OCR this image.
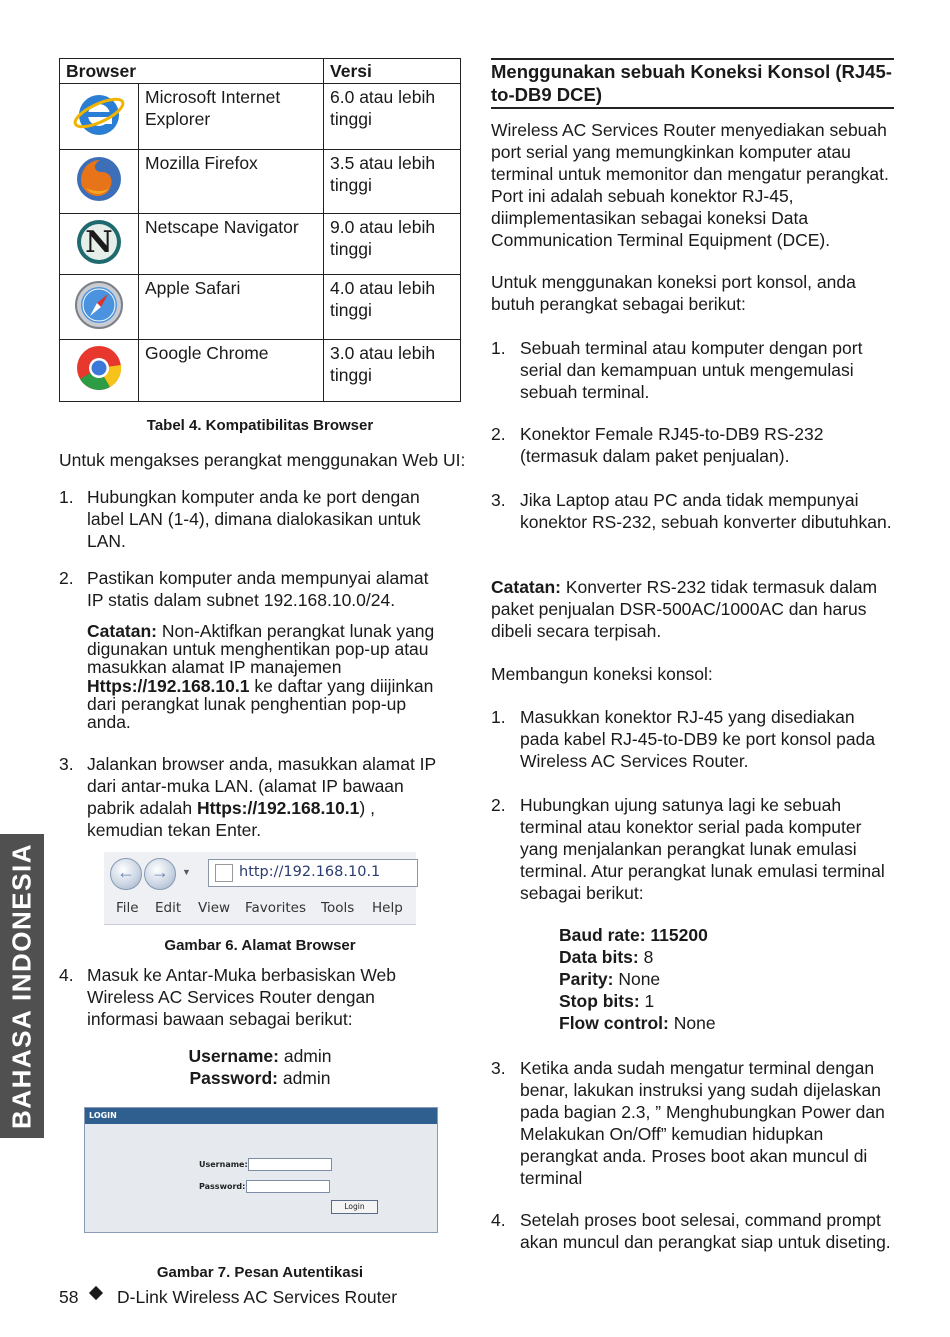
Browser		Versi
	Microsoft Internet Explorer	6.0 atau lebih tinggi
	Mozilla Firefox	3.5 atau lebih tinggi

N	Netscape Navigator	9.0 atau lebih tinggi
	Apple Safari	4.0 atau lebih tinggi
	Google Chrome	3.0 atau lebih tinggi
Tabel 4. Kompatibilitas Browser
Untuk mengakses perangkat menggunakan Web UI:
1. Hubungkan komputer anda ke port dengan label LAN (1-4), dimana dialokasikan untuk LAN.
2. Pastikan komputer anda mempunyai alamat IP statis dalam subnet 192.168.10.0/24.
Catatan: Non-Aktifkan perangkat lunak yang digunakan untuk menghentikan pop-up atau masukkan alamat IP manajemen Https://192.168.10.1 ke daftar yang diijinkan dari perangkat lunak penghentian pop-up anda.
3. Jalankan browser anda, masukkan alamat IP dari antar-muka LAN. (alamat IP bawaan pabrik adalah Https://192.168.10.1) , kemudian tekan Enter.
← →	▼	http://192.168.10.1
File Edit View Favorites Tools Help
Gambar 6. Alamat Browser
4. Masuk ke Antar-Muka berbasiskan Web Wireless AC Services Router dengan informasi bawaan sebagai berikut:
Username: admin
Password: admin
LOGIN
Username:
Password:
Login
Gambar 7. Pesan Autentikasi
BAHASA INDONESIA
58 D-Link Wireless AC Services Router
Menggunakan sebuah Koneksi Konsol (RJ45-to-DB9 DCE)
Wireless AC Services Router menyediakan sebuah port serial yang memungkinkan komputer atau terminal untuk memonitor dan mengatur perangkat. Port ini adalah sebuah konektor RJ-45, diimplementasikan sebagai koneksi Data Communication Terminal Equipment (DCE).
Untuk menggunakan koneksi port konsol, anda butuh perangkat sebagai berikut:
1. Sebuah terminal atau komputer dengan port serial dan kemampuan untuk mengemulasi sebuah terminal.
2. Konektor Female RJ45-to-DB9 RS-232 (termasuk dalam paket penjualan).
3. Jika Laptop atau PC anda tidak mempunyai konektor RS-232, sebuah konverter dibutuhkan.
Catatan: Konverter RS-232 tidak termasuk dalam paket penjualan DSR-500AC/1000AC dan harus dibeli secara terpisah.
Membangun koneksi konsol:
1. Masukkan konektor RJ-45 yang disediakan pada kabel RJ-45-to-DB9 ke port konsol pada Wireless AC Services Router.
2. Hubungkan ujung satunya lagi ke sebuah terminal atau konektor serial pada komputer yang menjalankan perangkat lunak emulasi terminal. Atur perangkat lunak emulasi terminal sebagai berikut:
Baud rate: 115200
Data bits: 8
Parity: None
Stop bits: 1
Flow control: None
3. Ketika anda sudah mengatur terminal dengan benar, lakukan instruksi yang sudah dijelaskan pada bagian 2.3, ” Menghubungkan Power dan Melakukan On/Off” kemudian hidupkan perangkat anda. Proses boot akan muncul di terminal
4. Setelah proses boot selesai, command prompt akan muncul dan perangkat siap untuk diseting.
